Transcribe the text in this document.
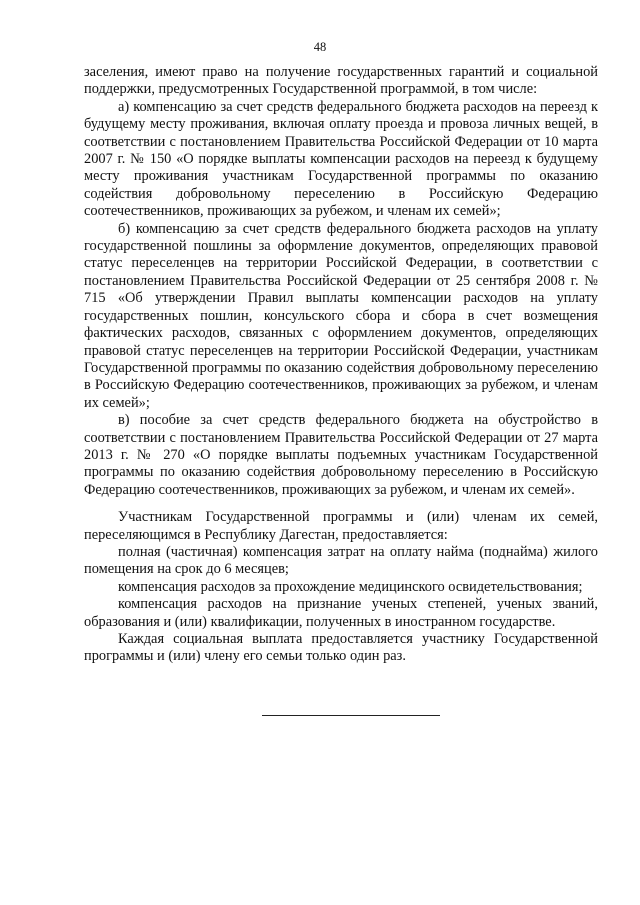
48

заселения, имеют право на получение государственных гарантий и социальной поддержки, предусмотренных Государственной программой, в том числе:

а) компенсацию за счет средств федерального бюджета расходов на переезд к будущему месту проживания, включая оплату проезда и провоза личных вещей, в соответствии с постановлением Правительства Российской Федерации от 10 марта 2007 г. № 150 «О порядке выплаты компенсации расходов на переезд к будущему месту проживания участникам Государственной программы по оказанию содействия добровольному переселению в Российскую Федерацию соотечественников, проживающих за рубежом, и членам их семей»;

б) компенсацию за счет средств федерального бюджета расходов на уплату государственной пошлины за оформление документов, определяющих правовой статус переселенцев на территории Российской Федерации, в соответствии с постановлением Правительства Российской Федерации от 25 сентября 2008 г. № 715 «Об утверждении Правил выплаты компенсации расходов на уплату государственных пошлин, консульского сбора и сбора в счет возмещения фактических расходов, связанных с оформлением документов, определяющих правовой статус переселенцев на территории Российской Федерации, участникам Государственной программы по оказанию содействия добровольному переселению в Российскую Федерацию соотечественников, проживающих за рубежом, и членам их семей»;

в) пособие за счет средств федерального бюджета на обустройство в соответствии с постановлением Правительства Российской Федерации от 27 марта 2013 г. № 270 «О порядке выплаты подъемных участникам Государственной программы по оказанию содействия добровольному переселению в Российскую Федерацию соотечественников, проживающих за рубежом, и членам их семей».

Участникам Государственной программы и (или) членам их семей, переселяющимся в Республику Дагестан, предоставляется:

полная (частичная) компенсация затрат на оплату найма (поднайма) жилого помещения на срок до 6 месяцев;

компенсация расходов за прохождение медицинского освидетельствования;

компенсация расходов на признание ученых степеней, ученых званий, образования и (или) квалификации, полученных в иностранном государстве.

Каждая социальная выплата предоставляется участнику Государственной программы и (или) члену его семьи только один раз.
